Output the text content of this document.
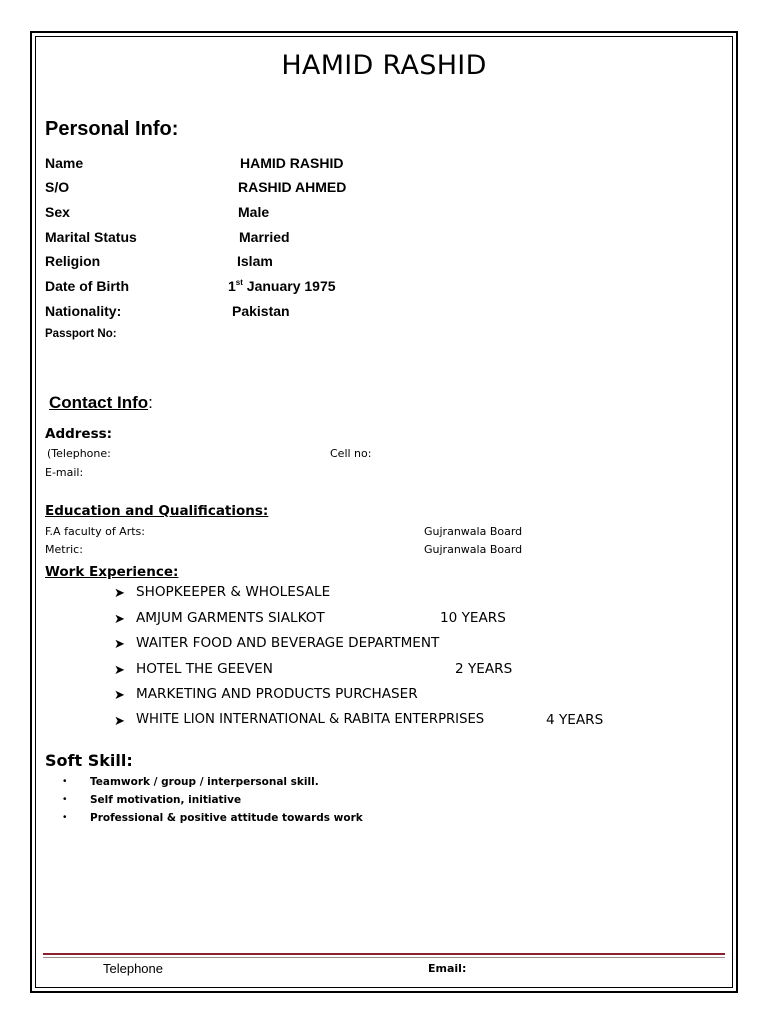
HAMID RASHID
Personal Info:
Name	HAMID RASHID
S/O	RASHID AHMED
Sex	Male
Marital Status	Married
Religion	Islam
Date of Birth	1st January 1975
Nationality:	Pakistan
Passport No:
Contact Info:
Address:
(Telephone:	Cell no:
E-mail:
Education and Qualifications:
F.A faculty of Arts:	Gujranwala Board
Metric:	Gujranwala Board
Work Experience:
➤ SHOPKEEPER & WHOLESALE
➤ AMJUM GARMENTS SIALKOT	10 YEARS
➤ WAITER FOOD AND BEVERAGE DEPARTMENT
➤ HOTEL THE GEEVEN	2 YEARS
➤ MARKETING AND PRODUCTS PURCHASER
➤ WHITE LION INTERNATIONAL & RABITA ENTERPRISES	4 YEARS
Soft Skill:
• Teamwork / group / interpersonal skill.
• Self motivation, initiative
• Professional & positive attitude towards work
Telephone	Email:
